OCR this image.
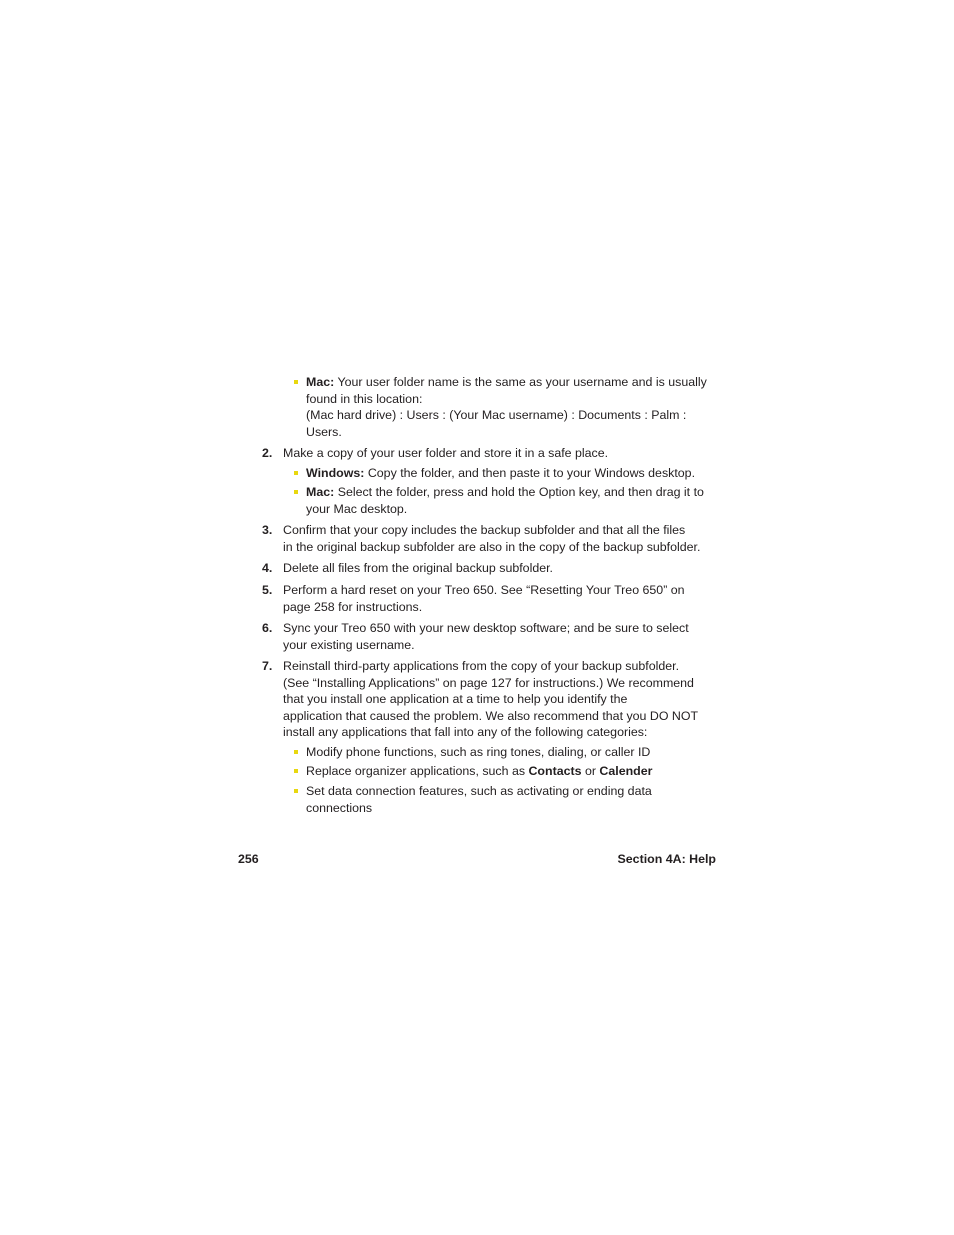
Mac: Your user folder name is the same as your username and is usually
found in this location:
(Mac hard drive) : Users : (Your Mac username) : Documents : Palm :
Users.
2. Make a copy of your user folder and store it in a safe place.
Windows: Copy the folder, and then paste it to your Windows desktop.
Mac: Select the folder, press and hold the Option key, and then drag it to
your Mac desktop.
3. Confirm that your copy includes the backup subfolder and that all the files
in the original backup subfolder are also in the copy of the backup subfolder.
4. Delete all files from the original backup subfolder.
5. Perform a hard reset on your Treo 650. See “Resetting Your Treo 650” on
page 258 for instructions.
6. Sync your Treo 650 with your new desktop software; and be sure to select
your existing username.
7. Reinstall third-party applications from the copy of your backup subfolder.
(See “Installing Applications” on page 127 for instructions.) We recommend
that you install one application at a time to help you identify the
application that caused the problem. We also recommend that you DO NOT
install any applications that fall into any of the following categories:
Modify phone functions, such as ring tones, dialing, or caller ID
Replace organizer applications, such as Contacts or Calender
Set data connection features, such as activating or ending data
connections
256	Section 4A: Help
